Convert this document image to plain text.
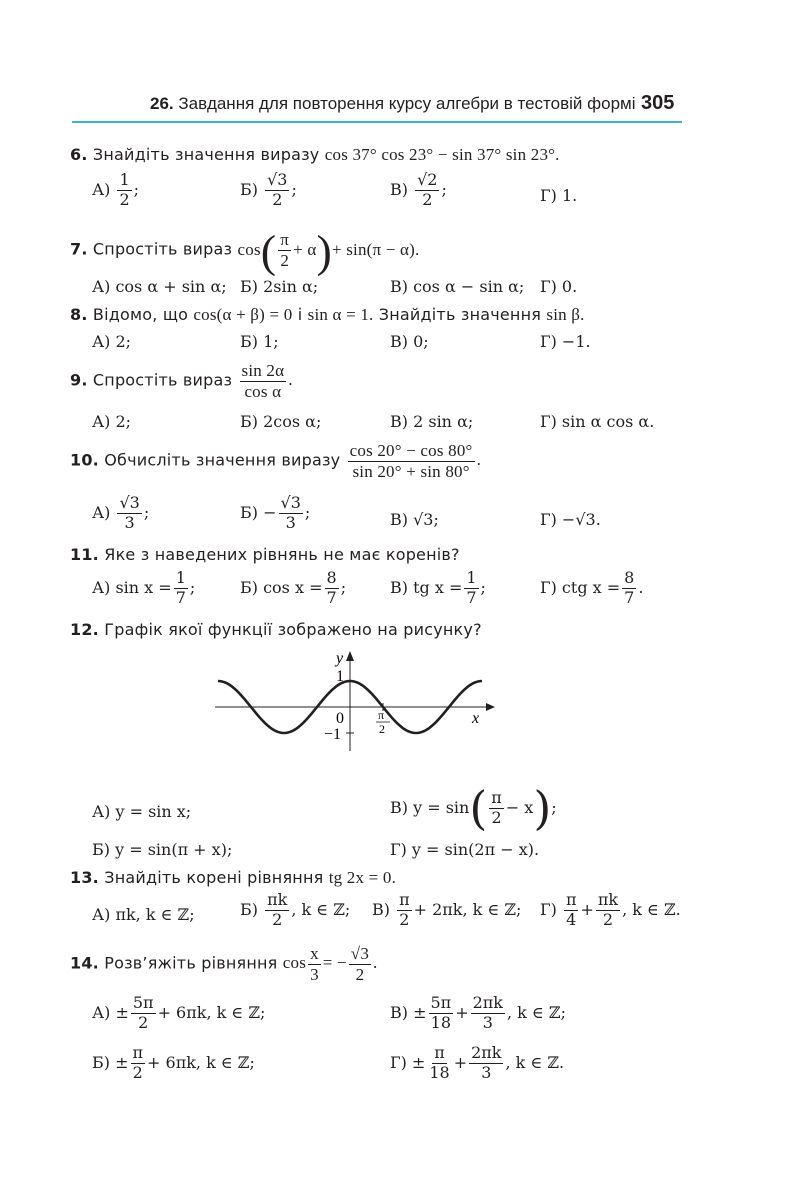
26. Завдання для повторення курсу алгебри в тестовій формі 305
6. Знайдіть значення виразу cos 37° cos 23° − sin 37° sin 23°.
$А) \frac{1}{2}$ ;	$Б) \frac{√3}{2}$ ;	$В) \frac{√2}{2}$ ;	Г) 1.
7. Спростіть вираз $\cos( \frac{\pi}{2} + \alpha)+ \sin(\pi - \alpha)$.
А) cos α + sin α; Б) 2sin α;	В) cos α − sin α; Г) 0.
8. Відомо, що cos(α + β) = 0 і sin α = 1. Знайдіть значення sin β.
А) 2;	Б) 1;	В) 0;	Г) −1.
9. Спростіть вираз $\frac{\sin 2\alpha}{\text{cos α}}$ .
А) 2;	Б) 2cos α;	В) 2 sin α;	Г) sin α cos α.
10. Обчисліть значення виразу $\frac{\cos 20^\circ - \cos 80^\circ}{\sin 20^\circ + \sin 80^\circ}$ .
$А) \frac{√3}{3}$ ;	$Б) - \frac{√3}{3}$ ;	В) √3;	Г) −√3.
11. Яке з наведених рівнянь не має коренів?
А) $\sin x = \frac{1}{7}$ ;	Б) $\cos x = \frac{8}{7}$ ;	В) tg $x = \frac{1}{7}$ ;	Г) ctg $x = \frac{8}{7}$ .
12. Графік якої функції зображено на рисунку?
y
x
1
0
−1
π
2
А) y = sin x;	В) $y = \sin( \frac{\pi}{2} - x)$;
Б) y = sin(π + x);	Г) y = sin(2π − x).
13. Знайдіть корені рівняння tg 2x = 0.
А) πk, k ∈ ℤ;	$Б) \frac{\pi k}{2}$ , k ∈ ℤ; $В) \frac{\pi}{2} + 2\pi k$, k ∈ ℤ; $Г) \frac{\pi}{4} + \frac{\pi k}{2}$ , k ∈ ℤ.
14. Розв’яжіть рівняння $\cos \frac{x}{3}$ = − $\frac{√3}{2}$ .
$А) \pm \frac{5\pi}{2} + 6\pi k$, k ∈ ℤ;	$В) \pm \frac{5\pi}{18} + \frac{2\pi k}{3}$ , k ∈ ℤ;
$Б) \pm \frac{\pi}{2} + 6\pi k$, k ∈ ℤ;	$Г) \pm \frac{\pi}{18} + \frac{2\pi k}{3}$ , k ∈ ℤ.
